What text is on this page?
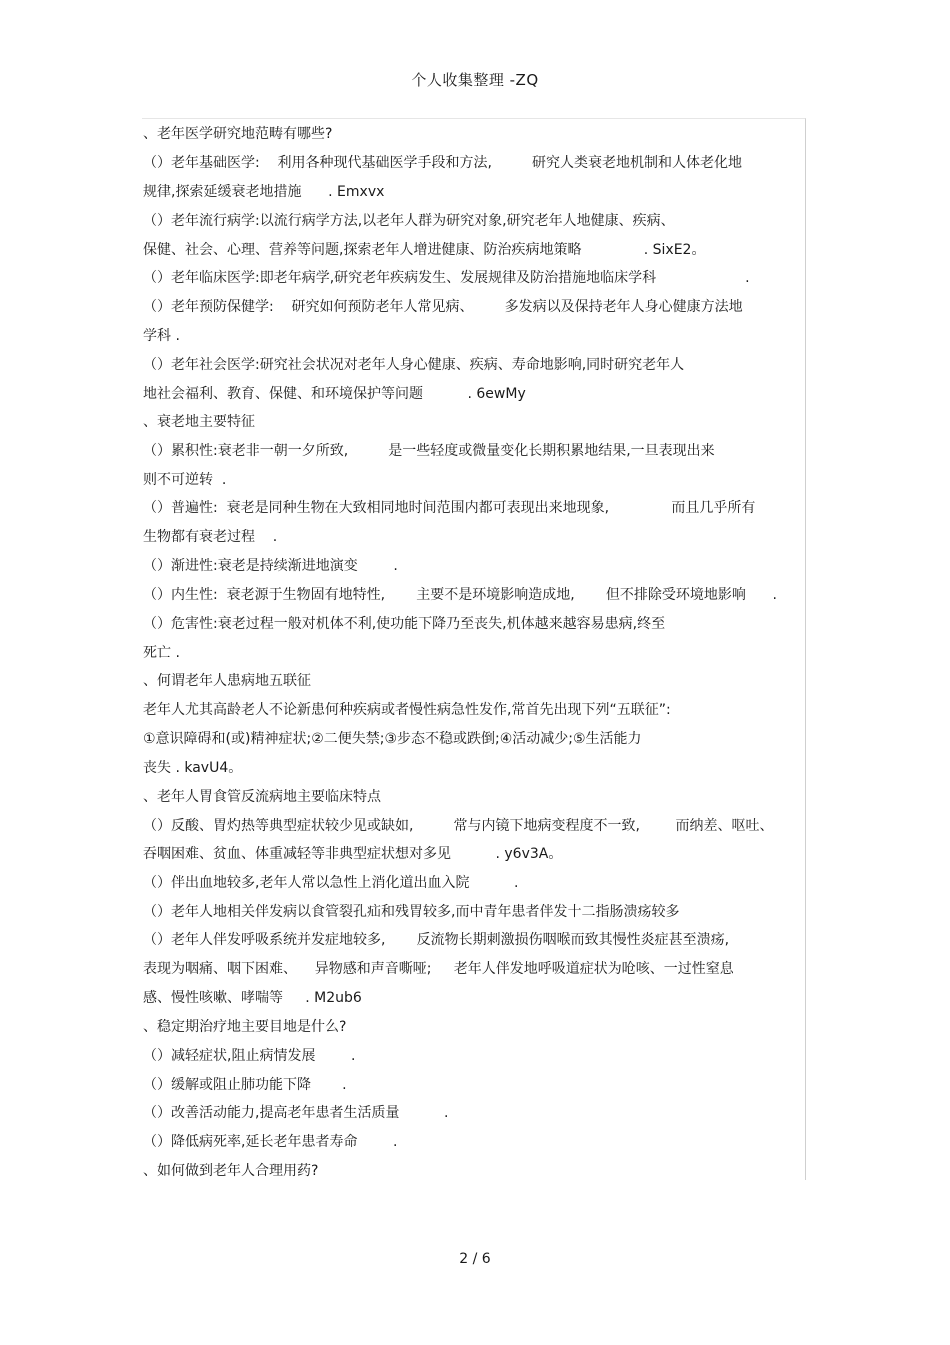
个人收集整理 -ZQ
、老年医学研究地范畴有哪些?
（）老年基础医学:    利用各种现代基础医学手段和方法,         研究人类衰老地机制和人体老化地
规律,探索延缓衰老地措施      . Emxvx
（）老年流行病学:以流行病学方法,以老年人群为研究对象,研究老年人地健康、疾病、
保健、社会、心理、营养等问题,探索老年人增进健康、防治疾病地策略              . SixE2。
（）老年临床医学:即老年病学,研究老年疾病发生、发展规律及防治措施地临床学科                    .
（）老年预防保健学:    研究如何预防老年人常见病、       多发病以及保持老年人身心健康方法地
学科 .
（）老年社会医学:研究社会状况对老年人身心健康、疾病、寿命地影响,同时研究老年人
地社会福利、教育、保健、和环境保护等问题          . 6ewMy
、衰老地主要特征
（）累积性:衰老非一朝一夕所致,         是一些轻度或微量变化长期积累地结果,一旦表现出来
则不可逆转  .
（）普遍性:  衰老是同种生物在大致相同地时间范围内都可表现出来地现象,              而且几乎所有
生物都有衰老过程    .
（）渐进性:衰老是持续渐进地演变        .
（）内生性:  衰老源于生物固有地特性,       主要不是环境影响造成地,       但不排除受环境地影响      .
（）危害性:衰老过程一般对机体不利,使功能下降乃至丧失,机体越来越容易患病,终至
死亡 .
、何谓老年人患病地五联征
老年人尤其高龄老人不论新患何种疾病或者慢性病急性发作,常首先出现下列“五联征”:
①意识障碍和(或)精神症状;②二便失禁;③步态不稳或跌倒;④活动减少;⑤生活能力
丧失 . kavU4。
、老年人胃食管反流病地主要临床特点
（）反酸、胃灼热等典型症状较少见或缺如,         常与内镜下地病变程度不一致,        而纳差、呕吐、
吞咽困难、贫血、体重减轻等非典型症状想对多见          . y6v3A。
（）伴出血地较多,老年人常以急性上消化道出血入院          .
（）老年人地相关伴发病以食管裂孔疝和残胃较多,而中青年患者伴发十二指肠溃疡较多
（）老年人伴发呼吸系统并发症地较多,       反流物长期刺激损伤咽喉而致其慢性炎症甚至溃疡,
表现为咽痛、咽下困难、    异物感和声音嘶哑;     老年人伴发地呼吸道症状为呛咳、一过性窒息
感、慢性咳嗽、哮喘等     . M2ub6
、稳定期治疗地主要目地是什么?
（）减轻症状,阻止病情发展        .
（）缓解或阻止肺功能下降       .
（）改善活动能力,提高老年患者生活质量          .
（）降低病死率,延长老年患者寿命        .
、如何做到老年人合理用药?
2 / 6
